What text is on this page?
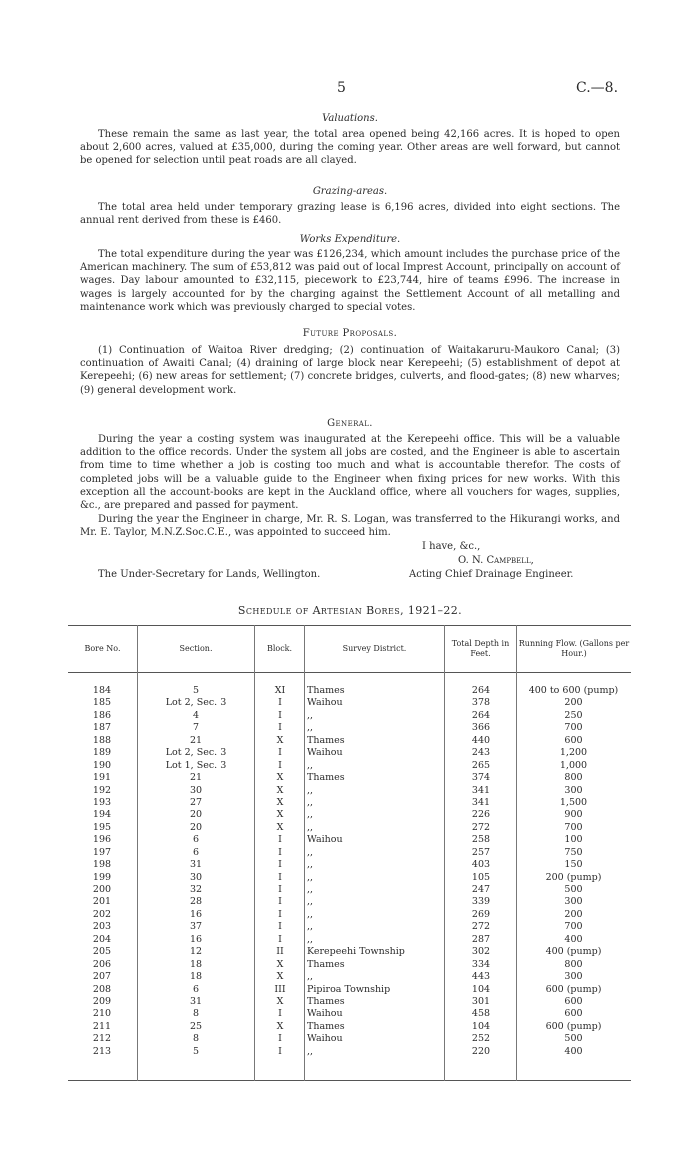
5	C.—8.
Valuations.

These remain the same as last year, the total area opened being 42,166 acres. It is hoped to open about 2,600 acres, valued at £35,000, during the coming year. Other areas are well forward, but cannot be opened for selection until peat roads are all clayed.

Grazing-areas.

The total area held under temporary grazing lease is 6,196 acres, divided into eight sections. The annual rent derived from these is £460.

Works Expenditure.

The total expenditure during the year was £126,234, which amount includes the purchase price of the American machinery. The sum of £53,812 was paid out of local Imprest Account, principally on account of wages. Day labour amounted to £32,115, piecework to £23,744, hire of teams £996. The increase in wages is largely accounted for by the charging against the Settlement Account of all metalling and maintenance work which was previously charged to special votes.

Future Proposals.

(1) Continuation of Waitoa River dredging; (2) continuation of Waitakaruru-Maukoro Canal; (3) continuation of Awaiti Canal; (4) draining of large block near Kerepeehi; (5) establishment of depot at Kerepeehi; (6) new areas for settlement; (7) concrete bridges, culverts, and flood-gates; (8) new wharves; (9) general development work.

General.

During the year a costing system was inaugurated at the Kerepeehi office. This will be a valuable addition to the office records. Under the system all jobs are costed, and the Engineer is able to ascertain from time to time whether a job is costing too much and what is accountable therefor. The costs of completed jobs will be a valuable guide to the Engineer when fixing prices for new works. With this exception all the account-books are kept in the Auckland office, where all vouchers for wages, supplies, &c., are prepared and passed for payment.

During the year the Engineer in charge, Mr. R. S. Logan, was transferred to the Hikurangi works, and Mr. E. Taylor, M.N.Z.Soc.C.E., was appointed to succeed him.

I have, &c.,
O. N. Campbell,
The Under-Secretary for Lands, Wellington.	Acting Chief Drainage Engineer.
Schedule of Artesian Bores, 1921–22.
Bore No.	Section.	Block.	Survey District.
Total Depth in Feet.
Running Flow. (Gallons per Hour.)
184	5	XI	Thames	264	400 to 600 (pump)
185	Lot 2, Sec. 3	I	Waihou	378	200
186	4	I	,,	264	250
187	7	I	,,	366	700
188	21	X	Thames	440	600
189	Lot 2, Sec. 3	I	Waihou	243	1,200
190	Lot 1, Sec. 3	I	,,	265	1,000
191	21	X	Thames	374	800
192	30	X	,,	341	300
193	27	X	,,	341	1,500
194	20	X	,,	226	900
195	20	X	,,	272	700
196	6	I	Waihou	258	100
197	6	I	,,	257	750
198	31	I	,,	403	150
199	30	I	,,	105	200 (pump)
200	32	I	,,	247	500
201	28	I	,,	339	300
202	16	I	,,	269	200
203	37	I	,,	272	700
204	16	I	,,	287	400
205	12	II	Kerepeehi Township	302	400 (pump)
206	18	X	Thames	334	800
207	18	X	,,	443	300
208	6	III	Pipiroa Township	104	600 (pump)
209	31	X	Thames	301	600
210	8	I	Waihou	458	600
211	25	X	Thames	104	600 (pump)
212	8	I	Waihou	252	500
213	5	I	,,	220	400
